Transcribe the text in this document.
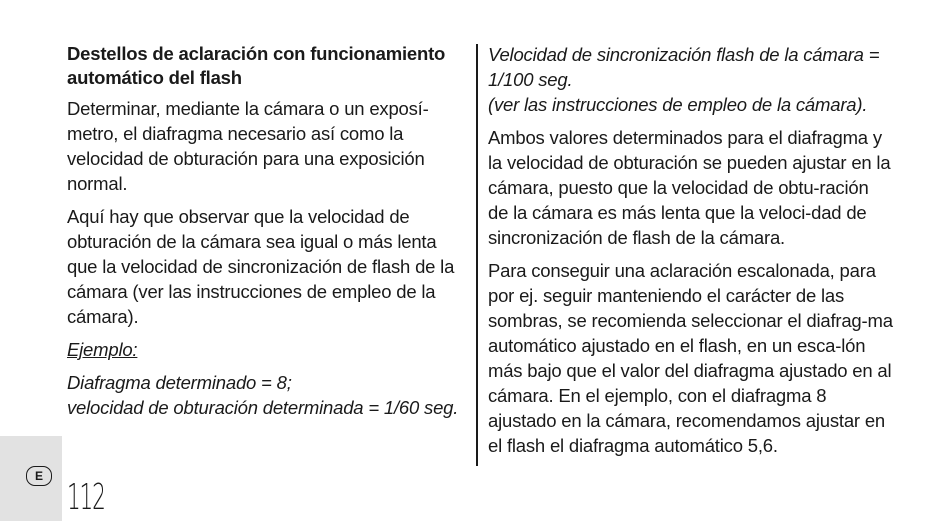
Destellos de aclaración con funcionamiento automático del flash

Determinar, mediante la cámara o un exposí-metro, el diafragma necesario así como la velocidad de obturación para una exposición normal.

Aquí hay que observar que la velocidad de obturación de la cámara sea igual o más lenta que la velocidad de sincronización de flash de la cámara (ver las instrucciones de empleo de la cámara).

Ejemplo:

Diafragma determinado = 8;
velocidad de obturación determinada = 1/60 seg.
Velocidad de sincronización flash de la cámara = 1/100 seg.

(ver las instrucciones de empleo de la cámara).

Ambos valores determinados para el diafragma y la velocidad de obturación se pueden ajustar en la cámara, puesto que la velocidad de obtu-ración de la cámara es más lenta que la veloci-dad de sincronización de flash de la cámara.

Para conseguir una aclaración escalonada, para por ej. seguir manteniendo el carácter de las sombras, se recomienda seleccionar el diafrag-ma automático ajustado en el flash, en un esca-lón más bajo que el valor del diafragma ajustado en al cámara. En el ejemplo, con el diafragma 8 ajustado en la cámara, recomendamos ajustar en el flash el diafragma automático 5,6.

E
112
